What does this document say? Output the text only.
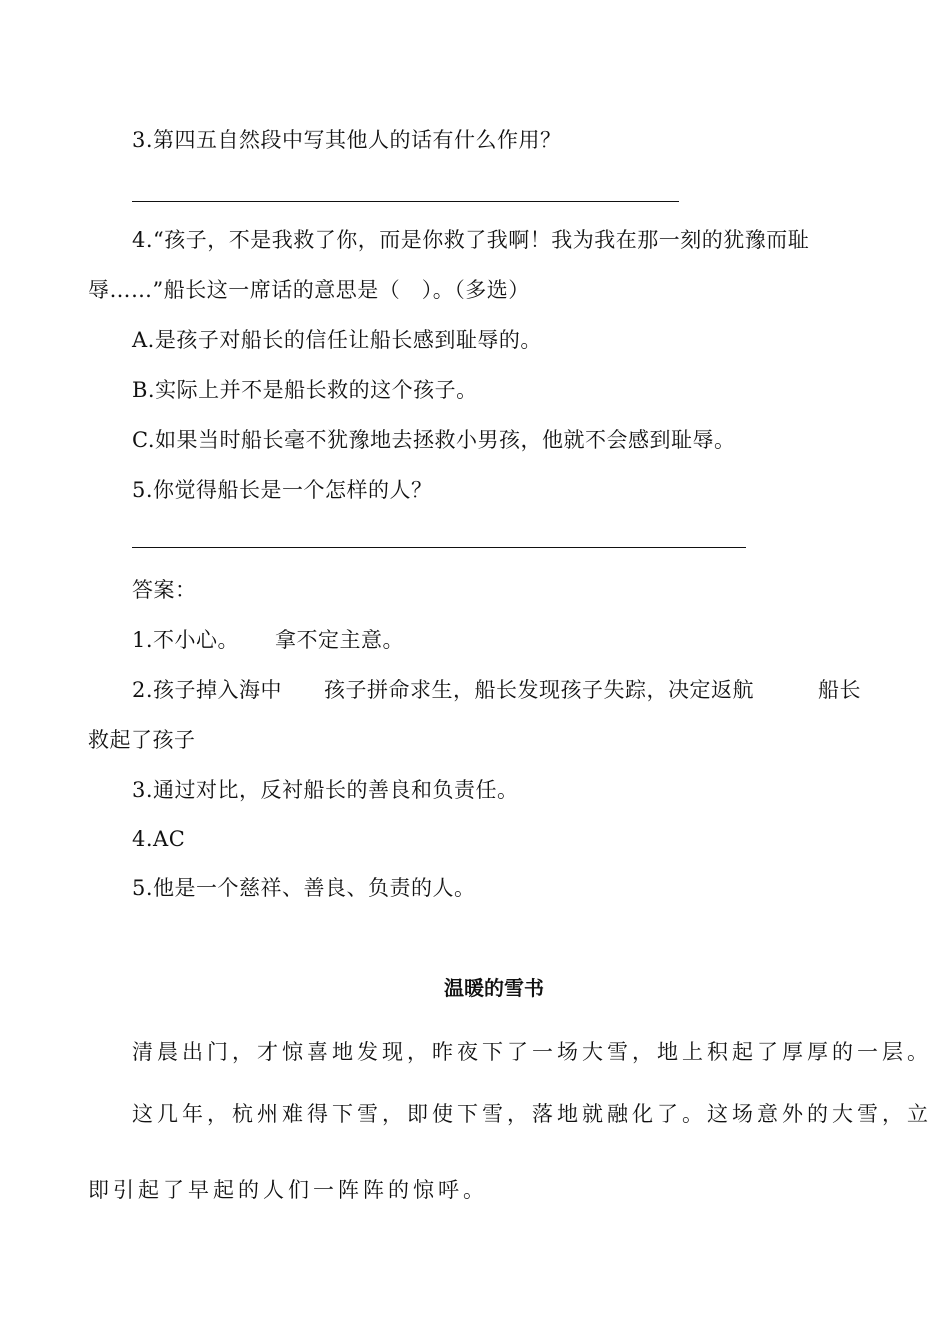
3.第四五自然段中写其他人的话有什么作用？
4.“孩子，不是我救了你，而是你救了我啊！我为我在那一刻的犹豫而耻
辱……”船长这一席话的意思是（　）。（多选）
A.是孩子对船长的信任让船长感到耻辱的。
B.实际上并不是船长救的这个孩子。
C.如果当时船长毫不犹豫地去拯救小男孩，他就不会感到耻辱。
5.你觉得船长是一个怎样的人？
答案：
1.不小心。 拿不定主意。
2.孩子掉入海中 孩子拼命求生，船长发现孩子失踪，决定返航	船长
救起了孩子
3.通过对比，反衬船长的善良和负责任。
4.AC
5.他是一个慈祥、善良、负责的人。
温暖的雪书
清晨出门，才惊喜地发现，昨夜下了一场大雪，地上积起了厚厚的一层。
这几年，杭州难得下雪，即使下雪，落地就融化了。这场意外的大雪，立
即引起了早起的人们一阵阵的惊呼。
